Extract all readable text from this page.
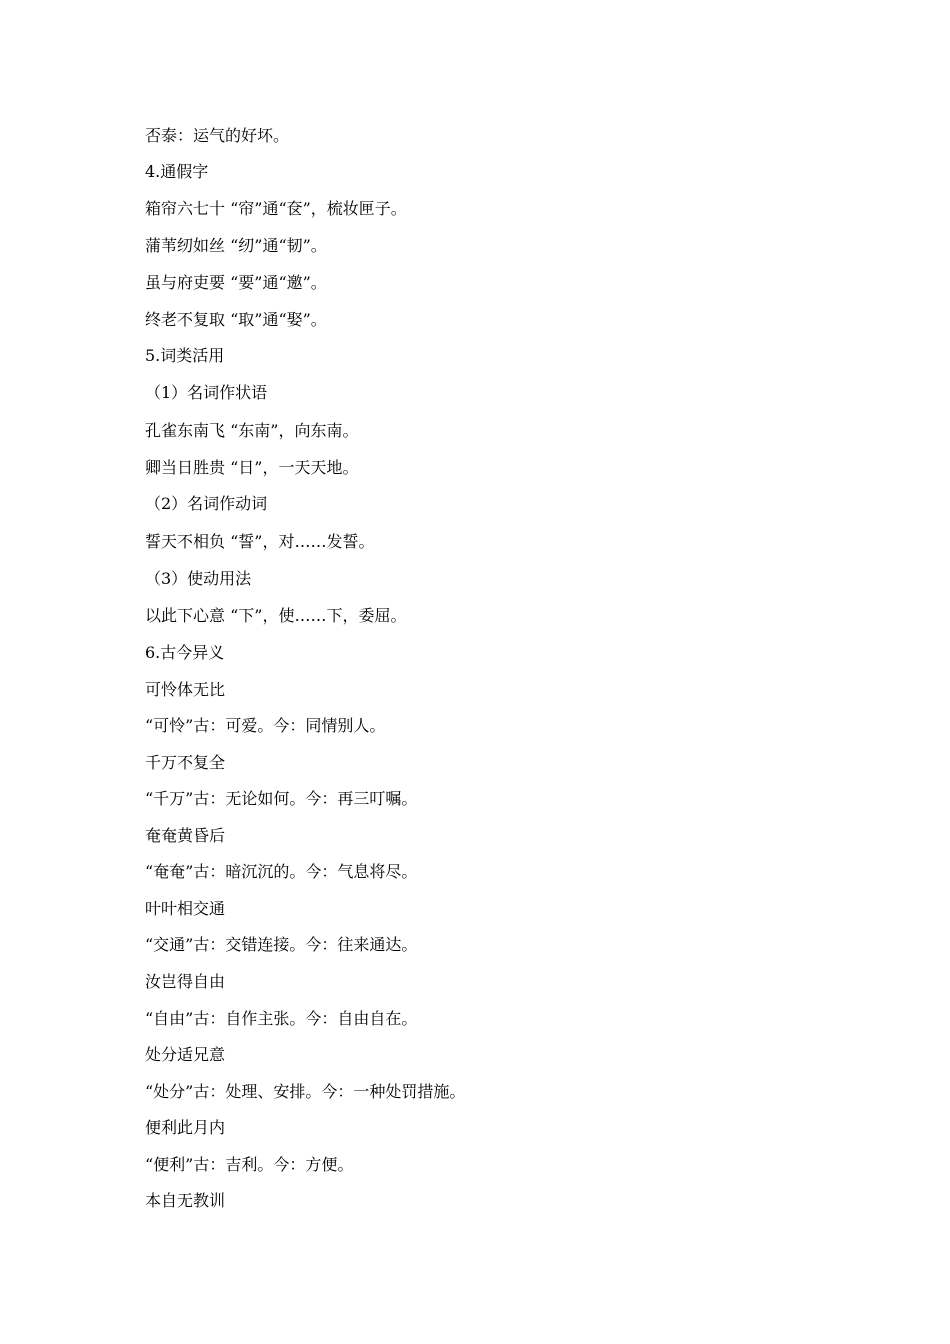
否泰：运气的好坏。
4.通假字
箱帘六七十 “帘”通“奁”，梳妆匣子。
蒲苇纫如丝 “纫”通“韧”。
虽与府吏要 “要”通“邀”。
终老不复取 “取”通“娶”。
5.词类活用
（1）名词作状语
孔雀东南飞 “东南”，向东南。
卿当日胜贵 “日”，一天天地。
（2）名词作动词
誓天不相负 “誓”，对……发誓。
（3）使动用法
以此下心意 “下”，使……下，委屈。
6.古今异义
可怜体无比
“可怜”古：可爱。今：同情别人。
千万不复全
“千万”古：无论如何。今：再三叮嘱。
奄奄黄昏后
“奄奄”古：暗沉沉的。今：气息将尽。
叶叶相交通
“交通”古：交错连接。今：往来通达。
汝岂得自由
“自由”古：自作主张。今：自由自在。
处分适兄意
“处分”古：处理、安排。今：一种处罚措施。
便利此月内
“便利”古：吉利。今：方便。
本自无教训
